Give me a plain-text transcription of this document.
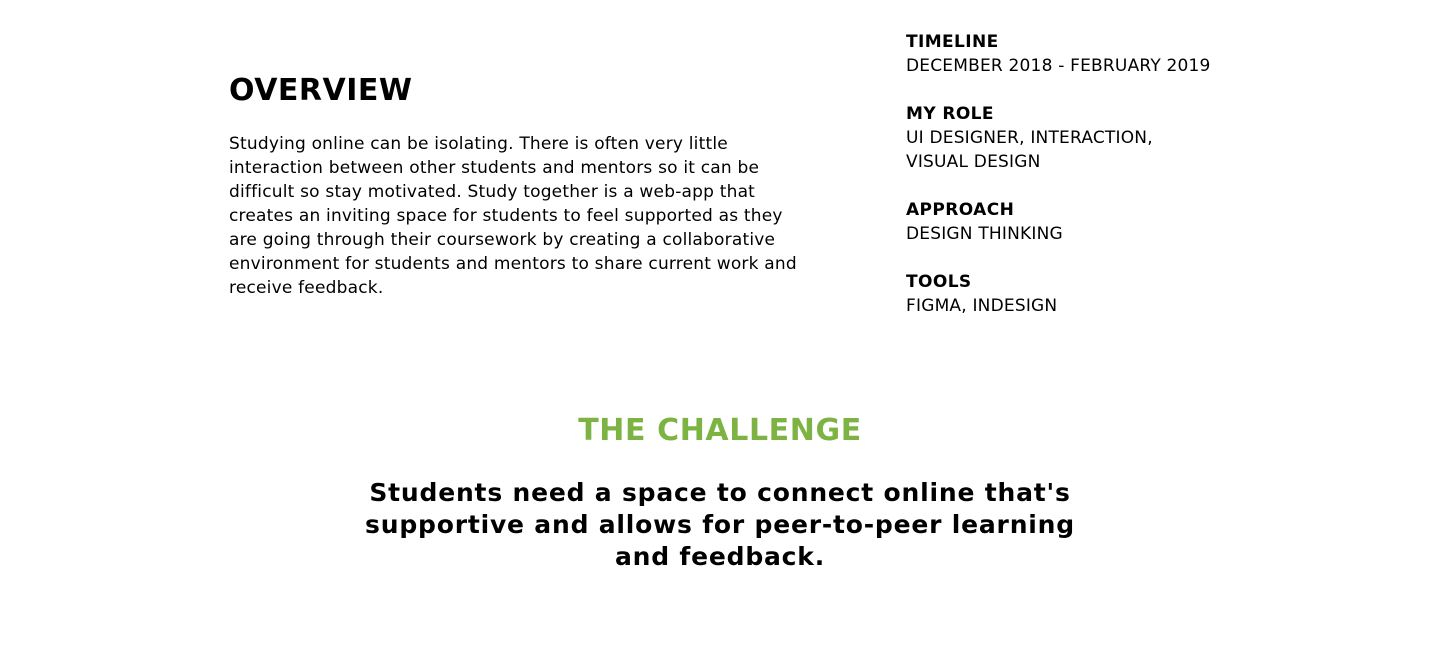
OVERVIEW

Studying online can be isolating. There is often very little interaction between other students and mentors so it can be difficult so stay motivated. Study together is a web-app that creates an inviting space for students to feel supported as they are going through their coursework by creating a collaborative environment for students and mentors to share current work and receive feedback.

TIMELINE
DECEMBER 2018 - FEBRUARY 2019
MY ROLE
UI DESIGNER, INTERACTION, VISUAL DESIGN
APPROACH
DESIGN THINKING
TOOLS
FIGMA, INDESIGN
THE CHALLENGE

Students need a space to connect online that's supportive and allows for peer-to-peer learning and feedback.
